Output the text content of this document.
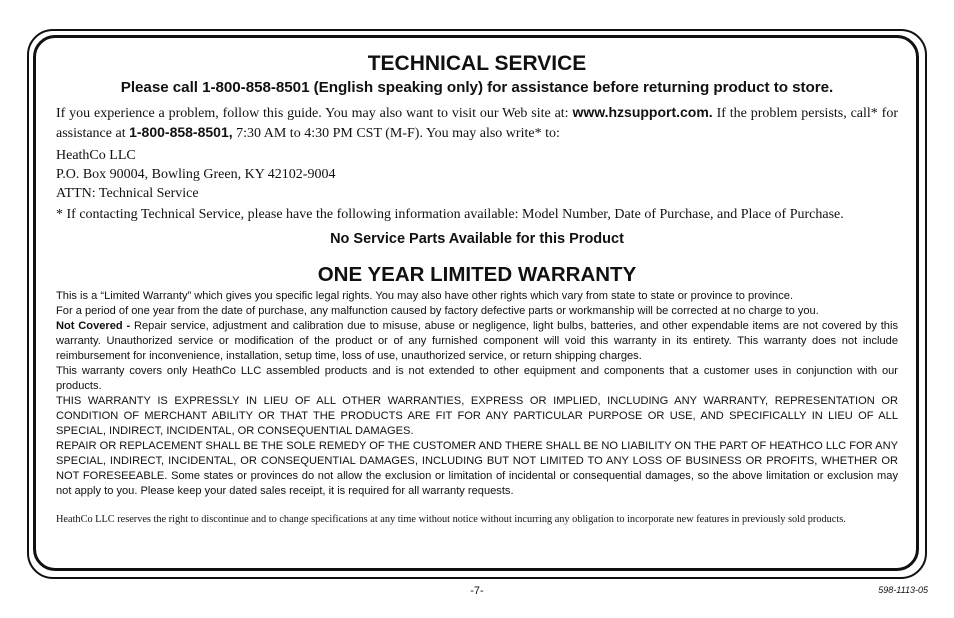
TECHNICAL SERVICE

Please call 1-800-858-8501 (English speaking only) for assistance before returning product to store.

If you experience a problem, follow this guide. You may also want to visit our Web site at: www.hzsupport.com. If the problem persists, call* for assistance at 1-800-858-8501, 7:30 AM to 4:30 PM CST (M-F). You may also write* to:

HeathCo LLC
P.O. Box 90004, Bowling Green, KY 42102-9004
ATTN: Technical Service

* If contacting Technical Service, please have the following information available: Model Number, Date of Purchase, and Place of Purchase.

No Service Parts Available for this Product

ONE YEAR LIMITED WARRANTY

This is a “Limited Warranty” which gives you specific legal rights. You may also have other rights which vary from state to state or province to province.

For a period of one year from the date of purchase, any malfunction caused by factory defective parts or workmanship will be corrected at no charge to you.

Not Covered - Repair service, adjustment and calibration due to misuse, abuse or negligence, light bulbs, batteries, and other expendable items are not covered by this warranty. Unauthorized service or modification of the product or of any furnished component will void this warranty in its entirety. This warranty does not include reimbursement for inconvenience, installation, setup time, loss of use, unauthorized service, or return shipping charges.

This warranty covers only HeathCo LLC assembled products and is not extended to other equipment and components that a customer uses in conjunction with our products.

THIS WARRANTY IS EXPRESSLY IN LIEU OF ALL OTHER WARRANTIES, EXPRESS OR IMPLIED, INCLUDING ANY WARRANTY, REPRESENTATION OR CONDITION OF MERCHANT ABILITY OR THAT THE PRODUCTS ARE FIT FOR ANY PARTICULAR PURPOSE OR USE, AND SPECIFICALLY IN LIEU OF ALL SPECIAL, INDIRECT, INCIDENTAL, OR CONSEQUENTIAL DAMAGES.

REPAIR OR REPLACEMENT SHALL BE THE SOLE REMEDY OF THE CUSTOMER AND THERE SHALL BE NO LIABILITY ON THE PART OF HEATHCO LLC FOR ANY SPECIAL, INDIRECT, INCIDENTAL, OR CONSEQUENTIAL DAMAGES, INCLUDING BUT NOT LIMITED TO ANY LOSS OF BUSINESS OR PROFITS, WHETHER OR NOT FORESEEABLE. Some states or provinces do not allow the exclusion or limitation of incidental or consequential damages, so the above limitation or exclusion may not apply to you. Please keep your dated sales receipt, it is required for all warranty requests.

HeathCo LLC reserves the right to discontinue and to change specifications at any time without notice without incurring any obligation to incorporate new features in previously sold products.

-7-	598-1113-05
